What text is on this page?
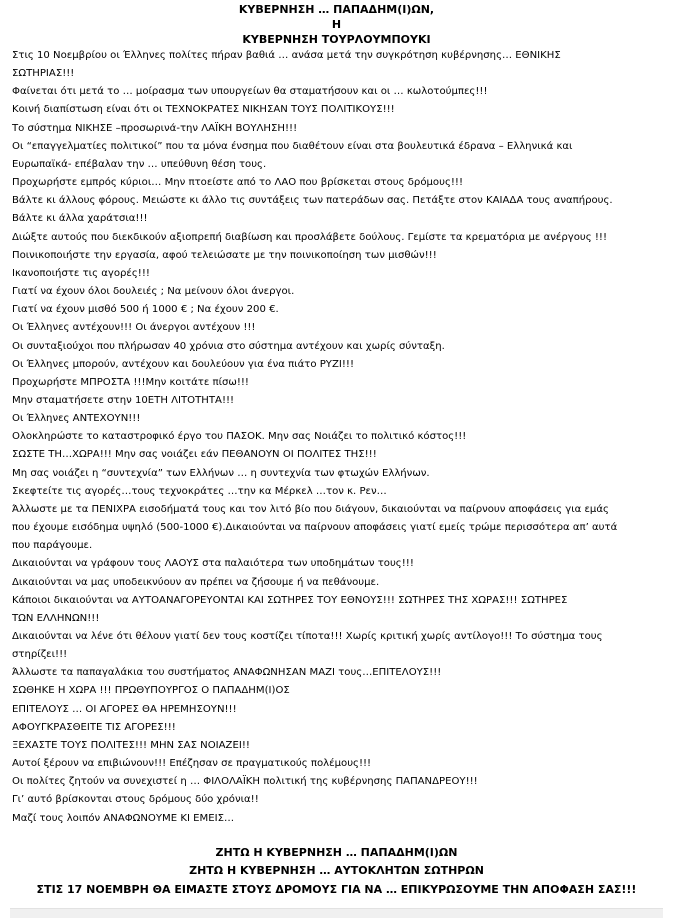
ΚΥΒΕΡΝΗΣΗ … ΠΑΠΑΔΗΜ(Ι)ΩΝ,
Η
ΚΥΒΕΡΝΗΣΗ ΤΟΥΡΛΟΥΜΠΟΥΚΙ
Στις 10 Νοεμβρίου οι Έλληνες πολίτες πήραν βαθιά … ανάσα μετά την συγκρότηση κυβέρνησης… ΕΘΝΙΚΗΣ
ΣΩΤΗΡΙΑΣ!!!
Φαίνεται ότι μετά το … μοίρασμα των υπουργείων θα σταματήσουν και οι … κωλοτούμπες!!!
Κοινή διαπίστωση είναι ότι οι ΤΕΧΝΟΚΡΑΤΕΣ ΝΙΚΗΣΑΝ ΤΟΥΣ ΠΟΛΙΤΙΚΟΥΣ!!!
Το σύστημα ΝΙΚΗΣΕ –προσωρινά-την ΛΑΪΚΗ ΒΟΥΛΗΣΗ!!!
Οι “επαγγελματίες πολιτικοί” που τα μόνα ένσημα που διαθέτουν είναι στα βουλευτικά έδρανα – Ελληνικά και
Ευρωπαϊκά- επέβαλαν την … υπεύθυνη θέση τους.
Προχωρήστε εμπρός κύριοι… Μην πτοείστε από το ΛΑΟ που βρίσκεται στους δρόμους!!!
Βάλτε κι άλλους φόρους. Μειώστε κι άλλο τις συντάξεις των πατεράδων σας. Πετάξτε στον ΚΑΙΑΔΑ τους αναπήρους.
Βάλτε κι άλλα χαράτσια!!!
Διώξτε αυτούς που διεκδικούν αξιοπρεπή διαβίωση και προσλάβετε δούλους. Γεμίστε τα κρεματόρια με ανέργους !!!
Ποινικοποιήστε την εργασία, αφού τελειώσατε με την ποινικοποίηση των μισθών!!!
Ικανοποιήστε τις αγορές!!!
Γιατί να έχουν όλοι δουλειές ; Να μείνουν όλοι άνεργοι.
Γιατί να έχουν μισθό 500 ή 1000 € ; Να έχουν 200 €.
Οι Έλληνες αντέχουν!!! Οι άνεργοι αντέχουν !!!
Οι συνταξιούχοι που πλήρωσαν 40 χρόνια στο σύστημα αντέχουν και χωρίς σύνταξη.
Οι Έλληνες μπορούν, αντέχουν και δουλεύουν για ένα πιάτο ΡΥΖΙ!!!
Προχωρήστε ΜΠΡΟΣΤΑ !!!Μην κοιτάτε πίσω!!!
Μην σταματήσετε στην 10ΕΤΗ ΛΙΤΟΤΗΤΑ!!!
Οι Έλληνες ΑΝΤΕΧΟΥΝ!!!
Ολοκληρώστε το καταστροφικό έργο του ΠΑΣΟΚ. Μην σας Νοιάζει το πολιτικό κόστος!!!
ΣΩΣΤΕ ΤΗ…ΧΩΡΑ!!! Μην σας νοιάζει εάν ΠΕΘΑΝΟΥΝ ΟΙ ΠΟΛΙΤΕΣ ΤΗΣ!!!
Μη σας νοιάζει η “συντεχνία” των Ελλήνων … η συντεχνία των φτωχών Ελλήνων.
Σκεφτείτε τις αγορές…τους τεχνοκράτες …την κα Μέρκελ …τον κ. Ρεν…
Άλλωστε με τα ΠΕΝΙΧΡΑ εισοδήματά τους και τον λιτό βίο που διάγουν, δικαιούνται να παίρνουν αποφάσεις για εμάς
που έχουμε εισόδημα υψηλό (500-1000 €).Δικαιούνται να παίρνουν αποφάσεις γιατί εμείς τρώμε περισσότερα απ’ αυτά
που παράγουμε.
Δικαιούνται να γράφουν τους ΛΑΟΥΣ στα παλαιότερα των υποδημάτων τους!!!
Δικαιούνται να μας υποδεικνύουν αν πρέπει να ζήσουμε ή να πεθάνουμε.
Κάποιοι δικαιούνται να ΑΥΤΟΑΝΑΓΟΡΕΥΟΝΤΑΙ ΚΑΙ ΣΩΤΗΡΕΣ ΤΟΥ ΕΘΝΟΥΣ!!! ΣΩΤΗΡΕΣ ΤΗΣ ΧΩΡΑΣ!!! ΣΩΤΗΡΕΣ
ΤΩΝ ΕΛΛΗΝΩΝ!!!
Δικαιούνται να λένε ότι θέλουν γιατί δεν τους κοστίζει τίποτα!!! Χωρίς κριτική χωρίς αντίλογο!!! Το σύστημα τους
στηρίζει!!!
Άλλωστε τα παπαγαλάκια του συστήματος ΑΝΑΦΩΝΗΣΑΝ ΜΑΖΙ τους…ΕΠΙΤΕΛΟΥΣ!!!
ΣΩΘΗΚΕ Η ΧΩΡΑ !!! ΠΡΩΘΥΠΟΥΡΓΟΣ Ο ΠΑΠΑΔΗΜ(Ι)ΟΣ
ΕΠΙΤΕΛΟΥΣ … ΟΙ ΑΓΟΡΕΣ ΘΑ ΗΡΕΜΗΣΟΥΝ!!!
ΑΦΟΥΓΚΡΑΣΘΕΙΤΕ ΤΙΣ ΑΓΟΡΕΣ!!!
ΞΕΧΑΣΤΕ ΤΟΥΣ ΠΟΛΙΤΕΣ!!! ΜΗΝ ΣΑΣ ΝΟΙΑΖΕΙ!!
Αυτοί ξέρουν να επιβιώνουν!!! Επέζησαν σε πραγματικούς πολέμους!!!
Οι πολίτες ζητούν να συνεχιστεί η … ΦΙΛΟΛΑΪΚΗ πολιτική της κυβέρνησης ΠΑΠΑΝΔΡΕΟΥ!!!
Γι’ αυτό βρίσκονται στους δρόμους δύο χρόνια!!
Μαζί τους λοιπόν ΑΝΑΦΩΝΟΥΜΕ ΚΙ ΕΜΕΙΣ…
ΖΗΤΩ Η ΚΥΒΕΡΝΗΣΗ … ΠΑΠΑΔΗΜ(Ι)ΩΝ
ΖΗΤΩ Η ΚΥΒΕΡΝΗΣΗ … ΑΥΤΟΚΛΗΤΩΝ ΣΩΤΗΡΩΝ
ΣΤΙΣ 17 ΝΟΕΜΒΡΗ ΘΑ ΕΙΜΑΣΤΕ ΣΤΟΥΣ ΔΡΟΜΟΥΣ ΓΙΑ ΝΑ … ΕΠΙΚΥΡΩΣΟΥΜΕ ΤΗΝ ΑΠΟΦΑΣΗ ΣΑΣ!!!
